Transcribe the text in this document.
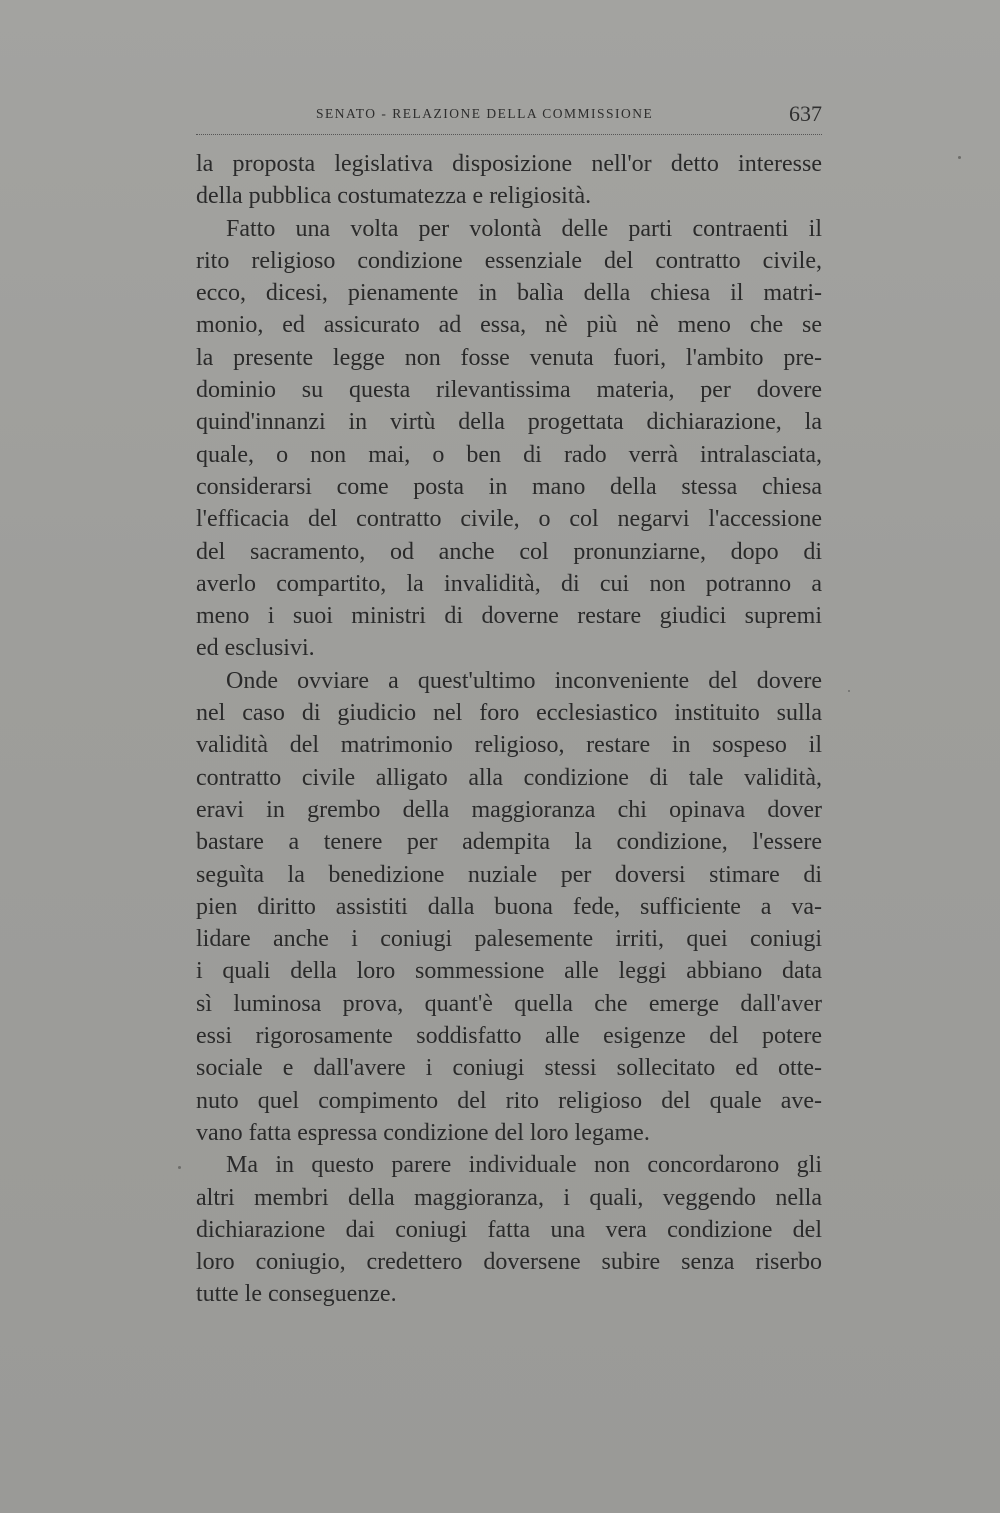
SENATO - RELAZIONE DELLA COMMISSIONE	637
la proposta legislativa disposizione nell'or detto interesse
della pubblica costumatezza e religiosità.
Fatto una volta per volontà delle parti contraenti il
rito religioso condizione essenziale del contratto civile,
ecco, dicesi, pienamente in balìa della chiesa il matri-
monio, ed assicurato ad essa, nè più nè meno che se
la presente legge non fosse venuta fuori, l'ambito pre-
dominio su questa rilevantissima materia, per dovere
quind'innanzi in virtù della progettata dichiarazione, la
quale, o non mai, o ben di rado verrà intralasciata,
considerarsi come posta in mano della stessa chiesa
l'efficacia del contratto civile, o col negarvi l'accessione
del sacramento, od anche col pronunziarne, dopo di
averlo compartito, la invalidità, di cui non potranno a
meno i suoi ministri di doverne restare giudici supremi
ed esclusivi.
Onde ovviare a quest'ultimo inconveniente del dovere
nel caso di giudicio nel foro ecclesiastico instituito sulla
validità del matrimonio religioso, restare in sospeso il
contratto civile alligato alla condizione di tale validità,
eravi in grembo della maggioranza chi opinava dover
bastare a tenere per adempita la condizione, l'essere
seguìta la benedizione nuziale per doversi stimare di
pien diritto assistiti dalla buona fede, sufficiente a va-
lidare anche i coniugi palesemente irriti, quei coniugi
i quali della loro sommessione alle leggi abbiano data
sì luminosa prova, quant'è quella che emerge dall'aver
essi rigorosamente soddisfatto alle esigenze del potere
sociale e dall'avere i coniugi stessi sollecitato ed otte-
nuto quel compimento del rito religioso del quale ave-
vano fatta espressa condizione del loro legame.
Ma in questo parere individuale non concordarono gli
altri membri della maggioranza, i quali, veggendo nella
dichiarazione dai coniugi fatta una vera condizione del
loro coniugio, credettero doversene subire senza riserbo
tutte le conseguenze.
